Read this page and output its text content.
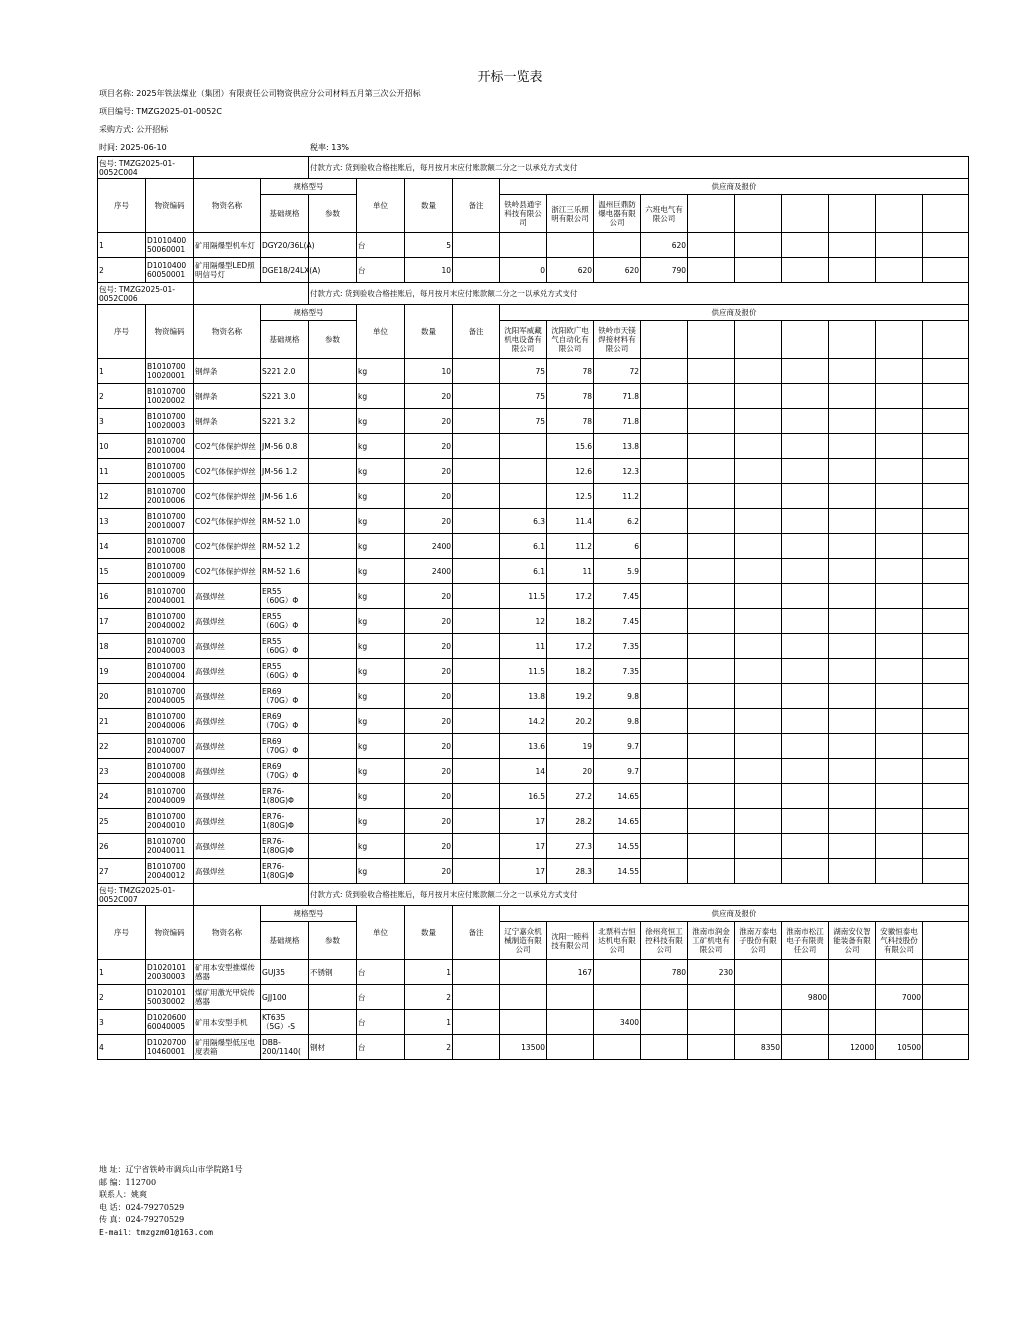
开标一览表
项目名称: 2025年铁法煤业（集团）有限责任公司物资供应分公司材料五月第三次公开招标
项目编号: TMZG2025-01-0052C
采购方式: 公开招标
时间: 2025-06-10	税率: 13%
包号: TMZG2025-01-0052C004				付款方式: 货到验收合格挂账后，每月按月末应付账款额二分之一以承兑方式支付													
序号	物资编码	物资名称	规格型号		单位	数量	备注	供应商及报价									
			基础规格	参数				铁岭县通宇科技有限公司	浙江三乐照明有限公司	温州巨鼎防爆电器有限公司	六班电气有限公司						
1	D1010400 50060001	矿用隔爆型机车灯	DGY20/36L(A)		台	5					620						
2	D1010400 60050001	矿用隔爆型LED照明信号灯	DGE18/24LX(A)		台	10		0	620	620	790						
包号: TMZG2025-01-0052C006				付款方式: 货到验收合格挂账后，每月按月末应付账款额二分之一以承兑方式支付													
序号	物资编码	物资名称	规格型号		单位	数量	备注	供应商及报价									
			基础规格	参数				沈阳军威藏机电设备有限公司	沈阳欧广电气自动化有限公司	铁岭市天镁焊接材料有限公司							
1	B1010700 10020001	钢焊条	S221 2.0		kg	10		75	78	72							
2	B1010700 10020002	钢焊条	S221 3.0		kg	20		75	78	71.8							
3	B1010700 10020003	钢焊条	S221 3.2		kg	20		75	78	71.8							
10	B1010700 20010004	CO2气体保护焊丝	JM-56 0.8		kg	20			15.6	13.8							
11	B1010700 20010005	CO2气体保护焊丝	JM-56 1.2		kg	20			12.6	12.3							
12	B1010700 20010006	CO2气体保护焊丝	JM-56 1.6		kg	20			12.5	11.2							
13	B1010700 20010007	CO2气体保护焊丝	RM-52 1.0		kg	20		6.3	11.4	6.2							
14	B1010700 20010008	CO2气体保护焊丝	RM-52 1.2		kg	2400		6.1	11.2	6							
15	B1010700 20010009	CO2气体保护焊丝	RM-52 1.6		kg	2400		6.1	11	5.9							
16	B1010700 20040001	高强焊丝	ER55 （60G）Φ		kg	20		11.5	17.2	7.45							
17	B1010700 20040002	高强焊丝	ER55 （60G）Φ		kg	20		12	18.2	7.45							
18	B1010700 20040003	高强焊丝	ER55 （60G）Φ		kg	20		11	17.2	7.35							
19	B1010700 20040004	高强焊丝	ER55 （60G）Φ		kg	20		11.5	18.2	7.35							
20	B1010700 20040005	高强焊丝	ER69 （70G）Φ		kg	20		13.8	19.2	9.8							
21	B1010700 20040006	高强焊丝	ER69 （70G）Φ		kg	20		14.2	20.2	9.8							
22	B1010700 20040007	高强焊丝	ER69 （70G）Φ		kg	20		13.6	19	9.7							
23	B1010700 20040008	高强焊丝	ER69 （70G）Φ		kg	20		14	20	9.7							
24	B1010700 20040009	高强焊丝	ER76-1(80G)Φ		kg	20		16.5	27.2	14.65							
25	B1010700 20040010	高强焊丝	ER76-1(80G)Φ		kg	20		17	28.2	14.65							
26	B1010700 20040011	高强焊丝	ER76-1(80G)Φ		kg	20		17	27.3	14.55							
27	B1010700 20040012	高强焊丝	ER76-1(80G)Φ		kg	20		17	28.3	14.55							
包号: TMZG2025-01-0052C007				付款方式: 货到验收合格挂账后，每月按月末应付账款额二分之一以承兑方式支付													
序号	物资编码	物资名称	规格型号		单位	数量	备注	供应商及报价									
			基础规格	参数				辽宁嘉众机械制造有限公司	沈阳一睦科技有限公司	北票科吉恒达机电有限公司	徐州亮恒工控科技有限公司	淮南市润金工矿机电有限公司	淮南万泰电子股份有限公司	淮南市松江电子有限责任公司	湖南安仪智能装备有限公司	安徽恒泰电气科技股份有限公司	
1	D1020101 20030003	矿用本安型推煤传感器	GUJ35	不锈钢	台	1			167		780	230					
2	D1020101 50030002	煤矿用激光甲烷传感器	GJJ100		台	2								9800		7000	
3	D1020600 60040005	矿用本安型手机	KT635 （5G）-S		台	1				3400							
4	D1020700 10460001	矿用隔爆型低压电度表箱	DBB-200/1140(	钢材	台	2		13500					8350		12000	10500	
地 址：辽宁省铁岭市调兵山市学院路1号
邮 编：112700
联系人：姚爽
电 话：024-79270529
传 真：024-79270529
E-mail：tmzgzm01@163.com
